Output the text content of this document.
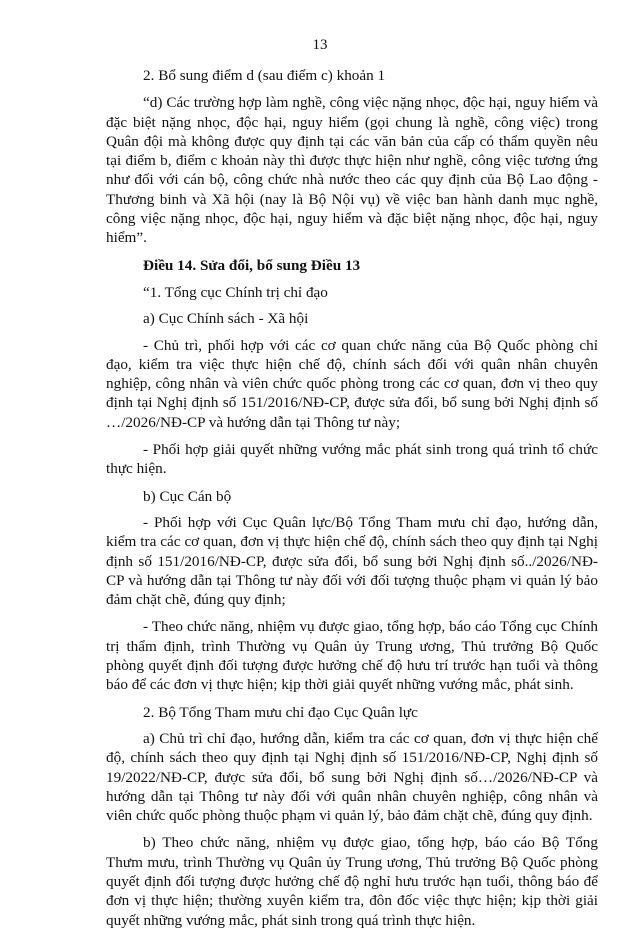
13

2. Bổ sung điểm d (sau điểm c) khoản 1

“d) Các trường hợp làm nghề, công việc nặng nhọc, độc hại, nguy hiểm và đặc biệt nặng nhọc, độc hại, nguy hiểm (gọi chung là nghề, công việc) trong Quân đội mà không được quy định tại các văn bản của cấp có thẩm quyền nêu tại điểm b, điểm c khoản này thì được thực hiện như nghề, công việc tương ứng như đối với cán bộ, công chức nhà nước theo các quy định của Bộ Lao động - Thương binh và Xã hội (nay là Bộ Nội vụ) về việc ban hành danh mục nghề, công việc nặng nhọc, độc hại, nguy hiểm và đặc biệt nặng nhọc, độc hại, nguy hiểm”.

Điều 14. Sửa đổi, bổ sung Điều 13

“1. Tổng cục Chính trị chỉ đạo

a) Cục Chính sách - Xã hội

- Chủ trì, phối hợp với các cơ quan chức năng của Bộ Quốc phòng chỉ đạo, kiểm tra việc thực hiện chế độ, chính sách đối với quân nhân chuyên nghiệp, công nhân và viên chức quốc phòng trong các cơ quan, đơn vị theo quy định tại Nghị định số 151/2016/NĐ-CP, được sửa đổi, bổ sung bởi Nghị định số …/2026/NĐ-CP và hướng dẫn tại Thông tư này;

- Phối hợp giải quyết những vướng mắc phát sinh trong quá trình tổ chức thực hiện.

b) Cục Cán bộ

- Phối hợp với Cục Quân lực/Bộ Tổng Tham mưu chỉ đạo, hướng dẫn, kiểm tra các cơ quan, đơn vị thực hiện chế độ, chính sách theo quy định tại Nghị định số 151/2016/NĐ-CP, được sửa đổi, bổ sung bởi Nghị định số../2026/NĐ-CP và hướng dẫn tại Thông tư này đối với đối tượng thuộc phạm vi quản lý bảo đảm chặt chẽ, đúng quy định;

- Theo chức năng, nhiệm vụ được giao, tổng hợp, báo cáo Tổng cục Chính trị thẩm định, trình Thường vụ Quân ủy Trung ương, Thủ trưởng Bộ Quốc phòng quyết định đối tượng được hưởng chế độ hưu trí trước hạn tuổi và thông báo để các đơn vị thực hiện; kịp thời giải quyết những vướng mắc, phát sinh.

2. Bộ Tổng Tham mưu chỉ đạo Cục Quân lực

a) Chủ trì chỉ đạo, hướng dẫn, kiểm tra các cơ quan, đơn vị thực hiện chế độ, chính sách theo quy định tại Nghị định số 151/2016/NĐ-CP, Nghị định số 19/2022/NĐ-CP, được sửa đổi, bổ sung bởi Nghị định số…/2026/NĐ-CP và hướng dẫn tại Thông tư này đối với quân nhân chuyên nghiệp, công nhân và viên chức quốc phòng thuộc phạm vi quản lý, bảo đảm chặt chẽ, đúng quy định.

b) Theo chức năng, nhiệm vụ được giao, tổng hợp, báo cáo Bộ Tổng Thưm mưu, trình Thường vụ Quân ủy Trung ương, Thủ trưởng Bộ Quốc phòng quyết định đối tượng được hưởng chế độ nghỉ hưu trước hạn tuổi, thông báo để đơn vị thực hiện; thường xuyên kiểm tra, đôn đốc việc thực hiện; kịp thời giải quyết những vướng mắc, phát sinh trong quá trình thực hiện.
